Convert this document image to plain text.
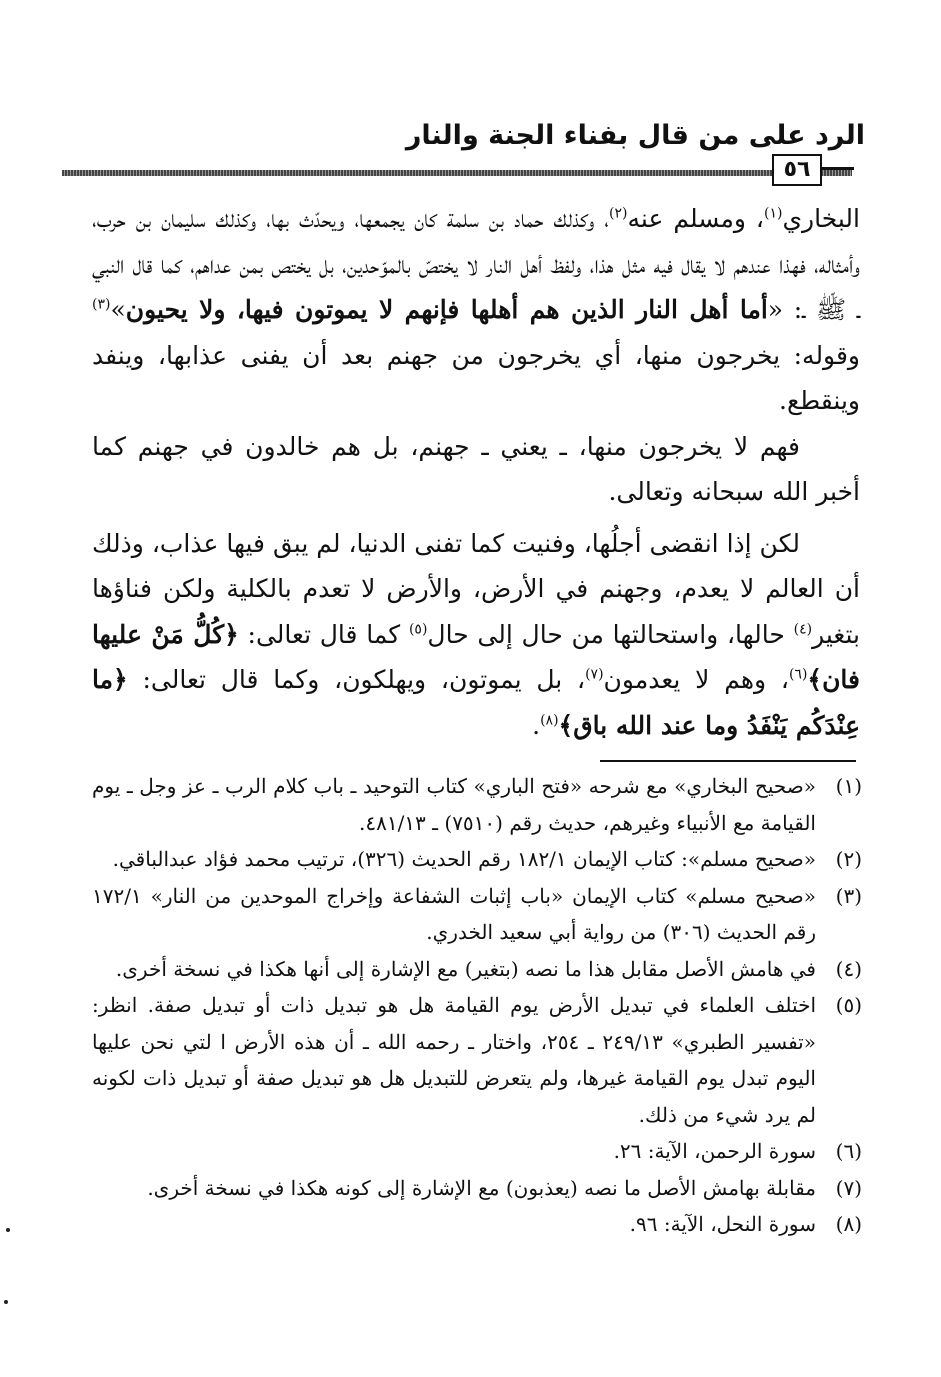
الرد على من قال بفناء الجنة والنار
٥٦

البخاري$^{(١)}$، ومسلم عنه$^{(٢)}$، وكذلك حماد بن سلمة كان يجمعها، ويحدّث بها، وكذلك سليمان بن حرب، وأمثاله، فهذا عندهم لا يقال فيه مثل هذا، ولفظ أهل النار لا يختصّ بالموّحدين، بل يختص بمن عداهم، كما قال النبي ـ ﷺ ـ: «أما أهل النار الذين هم أهلها فإنهم لا يموتون فيها، ولا يحيون»$^{(٣)}$ وقوله: يخرجون منها، أي يخرجون من جهنم بعد أن يفنى عذابها، وينفد وينقطع.

فهم لا يخرجون منها، ـ يعني ـ جهنم، بل هم خالدون في جهنم كما أخبر الله سبحانه وتعالى.

لكن إذا انقضى أجلُها، وفنيت كما تفنى الدنيا، لم يبق فيها عذاب، وذلك أن العالم لا يعدم، وجهنم في الأرض، والأرض لا تعدم بالكلية ولكن فناؤها بتغير$^{(٤)}$ حالها، واستحالتها من حال إلى حال$^{(٥)}$ كما قال تعالى: ﴿كُلُّ مَنْ عليها فان﴾$^{(٦)}$، وهم لا يعدمون$^{(٧)}$، بل يموتون، ويهلكون، وكما قال تعالى: ﴿ما عِنْدَكُم يَنْفَدُ وما عند الله باق﴾$^{(٨)}$.

(١)
«صحيح البخاري» مع شرحه «فتح الباري» كتاب التوحيد ـ باب كلام الرب ـ عز وجل ـ يوم القيامة مع الأنبياء وغيرهم، حديث رقم (٧٥١٠) ـ ٤٨١/١٣.
(٢)
«صحيح مسلم»: كتاب الإيمان ١٨٢/١ رقم الحديث (٣٢٦)، ترتيب محمد فؤاد عبدالباقي.
(٣)
«صحيح مسلم» كتاب الإيمان «باب إثبات الشفاعة وإخراج الموحدين من النار» ١٧٢/١ رقم الحديث (٣٠٦) من رواية أبي سعيد الخدري.
(٤)
في هامش الأصل مقابل هذا ما نصه (بتغير) مع الإشارة إلى أنها هكذا في نسخة أخرى.
(٥)
اختلف العلماء في تبديل الأرض يوم القيامة هل هو تبديل ذات أو تبديل صفة. انظر: «تفسير الطبري» ٢٤٩/١٣ ـ ٢٥٤، واختار ـ رحمه الله ـ أن هذه الأرض ا لتي نحن عليها اليوم تبدل يوم القيامة غيرها، ولم يتعرض للتبديل هل هو تبديل صفة أو تبديل ذات لكونه لم يرد شيء من ذلك.
(٦)
سورة الرحمن، الآية: ٢٦.
(٧)
مقابلة بهامش الأصل ما نصه (يعذبون) مع الإشارة إلى كونه هكذا في نسخة أخرى.
(٨)
سورة النحل، الآية: ٩٦.
